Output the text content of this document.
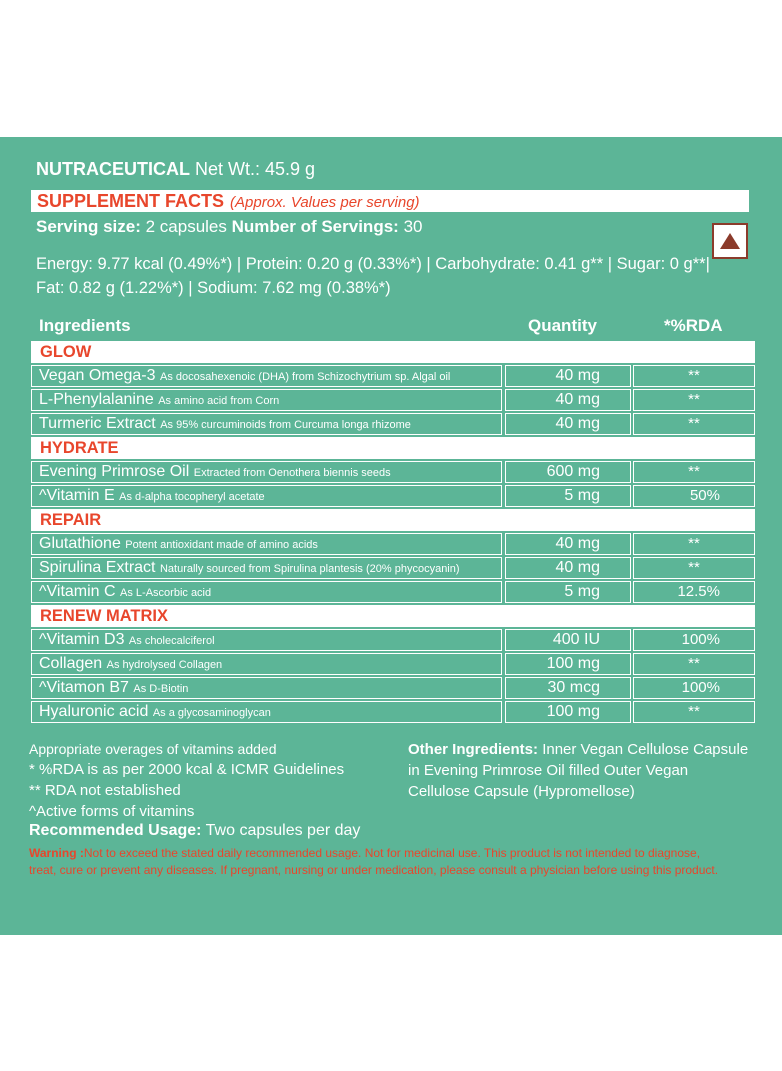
NUTRACEUTICAL Net Wt.: 45.9 g
SUPPLEMENT FACTS (Approx. Values per serving)
Serving size: 2 capsules Number of Servings: 30
Energy: 9.77 kcal (0.49%*) | Protein: 0.20 g (0.33%*) | Carbohydrate: 0.41 g** | Sugar: 0 g**| Fat: 0.82 g (1.22%*) | Sodium: 7.62 mg (0.38%*)
Ingredients	Quantity	*%RDA
GLOW
Vegan Omega-3 As docosahexenoic (DHA) from Schizochytrium sp. Algal oil	40 mg	**
L-Phenylalanine As amino acid from Corn	40 mg	**
Turmeric Extract As 95% curcuminoids from Curcuma longa rhizome	40 mg	**
HYDRATE
Evening Primrose Oil Extracted from Oenothera biennis seeds	600 mg	**
^Vitamin E As d-alpha tocopheryl acetate	5 mg	50%
REPAIR
Glutathione Potent antioxidant made of amino acids	40 mg	**
Spirulina Extract Naturally sourced from Spirulina plantesis (20% phycocyanin)	40 mg	**
^Vitamin C As L-Ascorbic acid	5 mg	12.5%
RENEW MATRIX
^Vitamin D3 As cholecalciferol	400 IU	100%
Collagen As hydrolysed Collagen	100 mg	**
^Vitamon B7 As D-Biotin	30 mcg	100%
Hyaluronic acid As a glycosaminoglycan	100 mg	**
Appropriate overages of vitamins added
* %RDA is as per 2000 kcal & ICMR Guidelines
** RDA not established
^Active forms of vitamins
Other Ingredients: Inner Vegan Cellulose Capsule in Evening Primrose Oil filled Outer Vegan Cellulose Capsule (Hypromellose)
Recommended Usage: Two capsules per day
Warning :Not to exceed the stated daily recommended usage. Not for medicinal use. This product is not intended to diagnose, treat, cure or prevent any diseases. If pregnant, nursing or under medication, please consult a physician before using this product.
